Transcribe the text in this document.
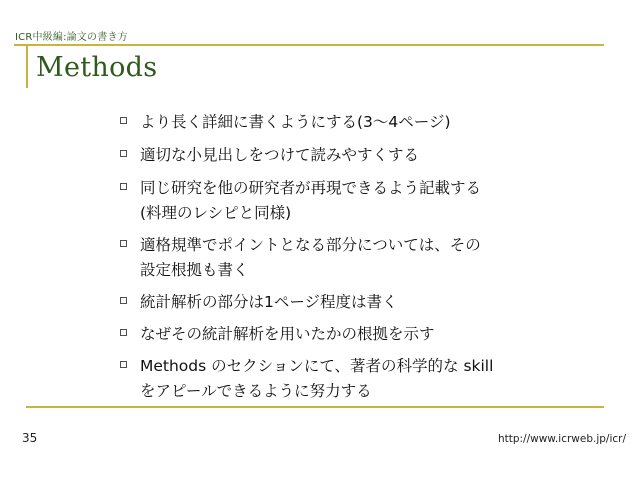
ICR中級編:論文の書き方
Methods
より長く詳細に書くようにする(3〜4ページ)
適切な小見出しをつけて読みやすくする
同じ研究を他の研究者が再現できるよう記載する
(料理のレシピと同様)
適格規準でポイントとなる部分については、その
設定根拠も書く
統計解析の部分は1ページ程度は書く
なぜその統計解析を用いたかの根拠を示す
Methods のセクションにて、著者の科学的な skill
をアピールできるように努力する
35	http://www.icrweb.jp/icr/
